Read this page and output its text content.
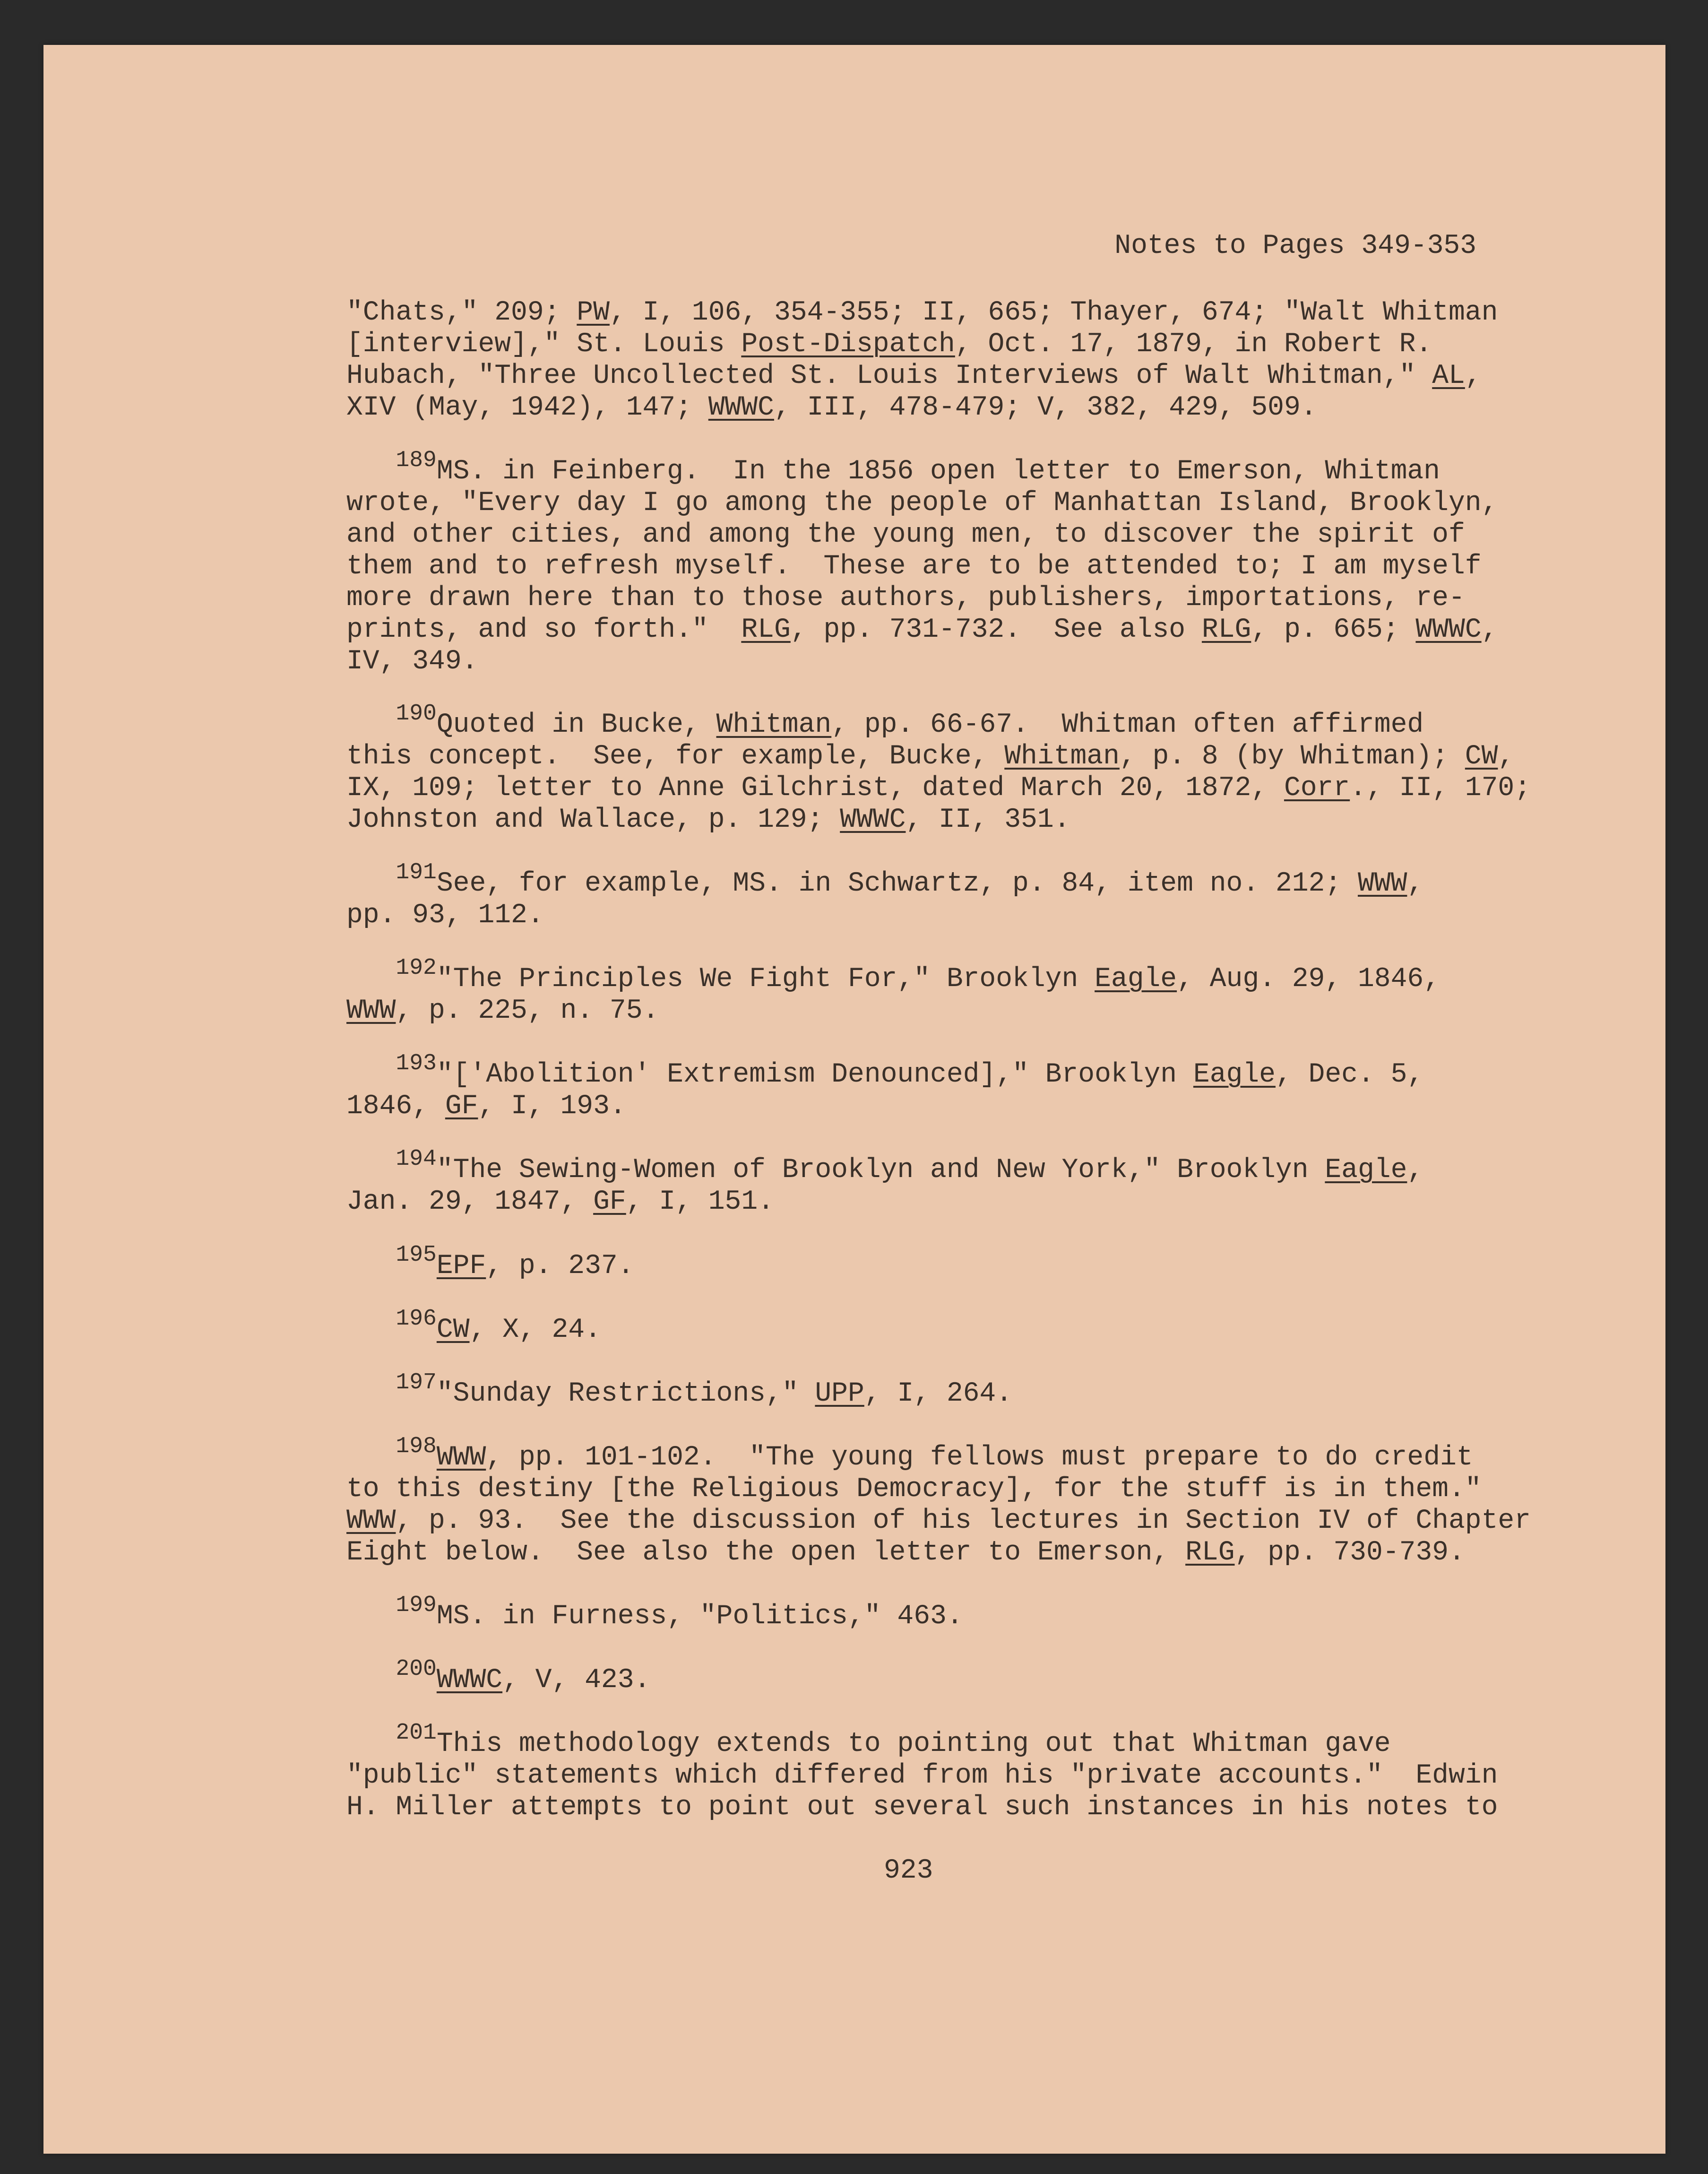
Notes to Pages 349-353
"Chats," 209; PW, I, 106, 354-355; II, 665; Thayer, 674; "Walt Whitman
[interview]," St. Louis Post-Dispatch, Oct. 17, 1879, in Robert R.
Hubach, "Three Uncollected St. Louis Interviews of Walt Whitman," AL,
XIV (May, 1942), 147; WWWC, III, 478-479; V, 382, 429, 509.
$^{189}$MS. in Feinberg.  In the 1856 open letter to Emerson, Whitman
wrote, "Every day I go among the people of Manhattan Island, Brooklyn,
and other cities, and among the young men, to discover the spirit of
them and to refresh myself.  These are to be attended to; I am myself
more drawn here than to those authors, publishers, importations, re-
prints, and so forth."  RLG, pp. 731-732.  See also RLG, p. 665; WWWC,
IV, 349.
$^{190}$Quoted in Bucke, Whitman, pp. 66-67.  Whitman often affirmed
this concept.  See, for example, Bucke, Whitman, p. 8 (by Whitman); CW,
IX, 109; letter to Anne Gilchrist, dated March 20, 1872, Corr., II, 170;
Johnston and Wallace, p. 129; WWWC, II, 351.
$^{191}$See, for example, MS. in Schwartz, p. 84, item no. 212; WWW,
pp. 93, 112.
$^{192}$"The Principles We Fight For," Brooklyn Eagle, Aug. 29, 1846,
WWW, p. 225, n. 75.
$^{193}$"['Abolition' Extremism Denounced]," Brooklyn Eagle, Dec. 5,
1846, GF, I, 193.
$^{194}$"The Sewing-Women of Brooklyn and New York," Brooklyn Eagle,
Jan. 29, 1847, GF, I, 151.
$^{195}$EPF, p. 237.
$^{196}$CW, X, 24.
$^{197}$"Sunday Restrictions," UPP, I, 264.
$^{198}$WWW, pp. 101-102.  "The young fellows must prepare to do credit
to this destiny [the Religious Democracy], for the stuff is in them."
WWW, p. 93.  See the discussion of his lectures in Section IV of Chapter
Eight below.  See also the open letter to Emerson, RLG, pp. 730-739.
$^{199}$MS. in Furness, "Politics," 463.
$^{200}$WWWC, V, 423.
$^{201}$This methodology extends to pointing out that Whitman gave
"public" statements which differed from his "private accounts."  Edwin
H. Miller attempts to point out several such instances in his notes to
923
